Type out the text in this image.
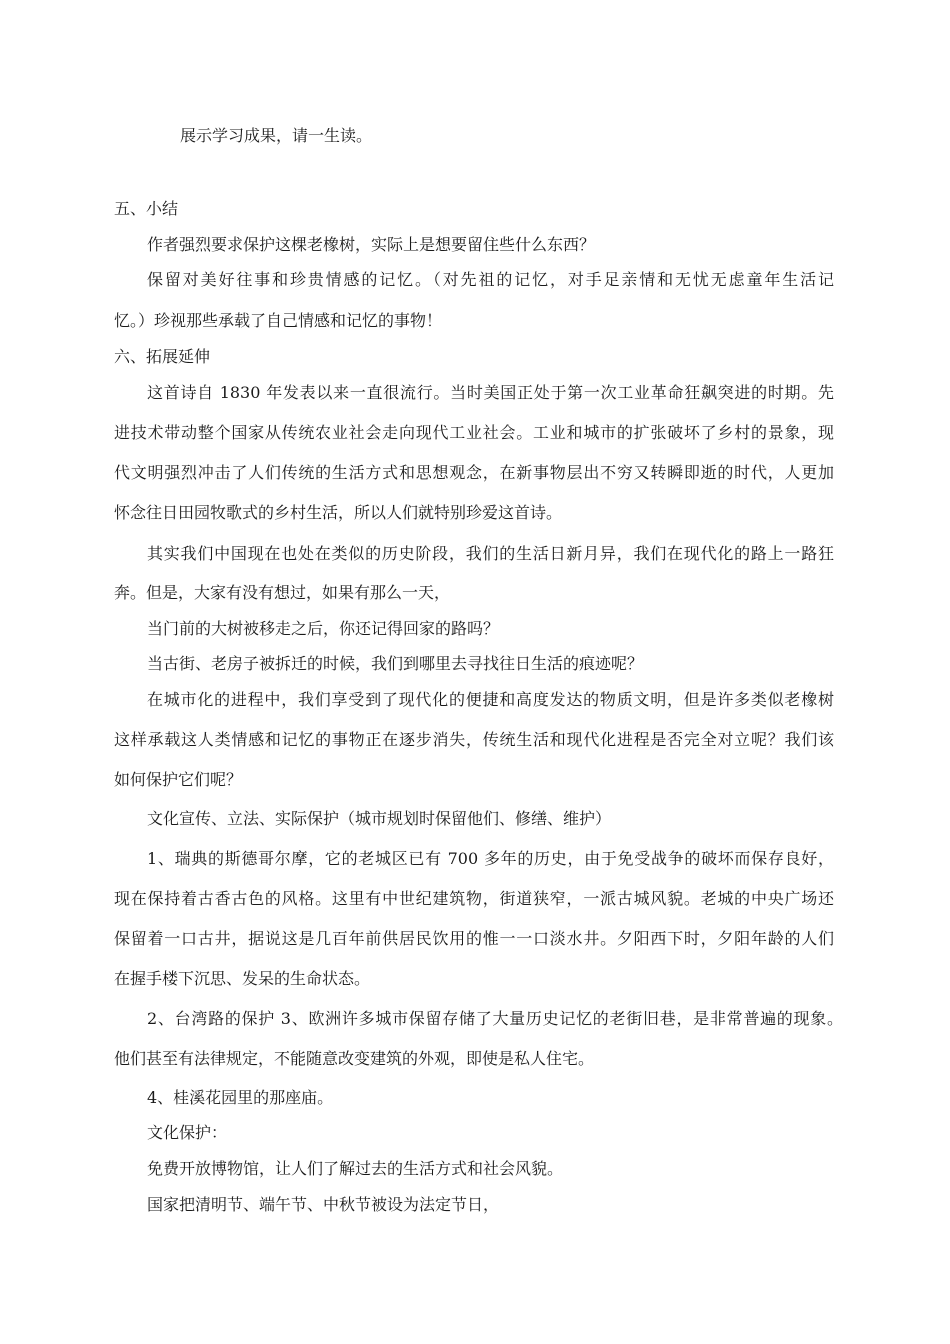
展示学习成果，请一生读。
五、小结
作者强烈要求保护这棵老橡树，实际上是想要留住些什么东西？
保留对美好往事和珍贵情感的记忆。（对先祖的记忆，对手足亲情和无忧无虑童年生活记
忆。）珍视那些承载了自己情感和记忆的事物！
六、拓展延伸
这首诗自 1830 年发表以来一直很流行。当时美国正处于第一次工业革命狂飙突进的时期。先
进技术带动整个国家从传统农业社会走向现代工业社会。工业和城市的扩张破坏了乡村的景象，现
代文明强烈冲击了人们传统的生活方式和思想观念，在新事物层出不穷又转瞬即逝的时代，人更加
怀念往日田园牧歌式的乡村生活，所以人们就特别珍爱这首诗。
其实我们中国现在也处在类似的历史阶段，我们的生活日新月异，我们在现代化的路上一路狂
奔。但是，大家有没有想过，如果有那么一天，
当门前的大树被移走之后，你还记得回家的路吗？
当古街、老房子被拆迁的时候，我们到哪里去寻找往日生活的痕迹呢？
在城市化的进程中，我们享受到了现代化的便捷和高度发达的物质文明，但是许多类似老橡树
这样承载这人类情感和记忆的事物正在逐步消失，传统生活和现代化进程是否完全对立呢？我们该
如何保护它们呢？
文化宣传、立法、实际保护（城市规划时保留他们、修缮、维护）
1、瑞典的斯德哥尔摩，它的老城区已有 700 多年的历史，由于免受战争的破坏而保存良好，
现在保持着古香古色的风格。这里有中世纪建筑物，街道狭窄，一派古城风貌。老城的中央广场还
保留着一口古井，据说这是几百年前供居民饮用的惟一一口淡水井。夕阳西下时，夕阳年龄的人们
在握手楼下沉思、发呆的生命状态。
2、台湾路的保护 3、欧洲许多城市保留存储了大量历史记忆的老街旧巷，是非常普遍的现象。
他们甚至有法律规定，不能随意改变建筑的外观，即使是私人住宅。
4、桂溪花园里的那座庙。
文化保护：
免费开放博物馆，让人们了解过去的生活方式和社会风貌。
国家把清明节、端午节、中秋节被设为法定节日，
